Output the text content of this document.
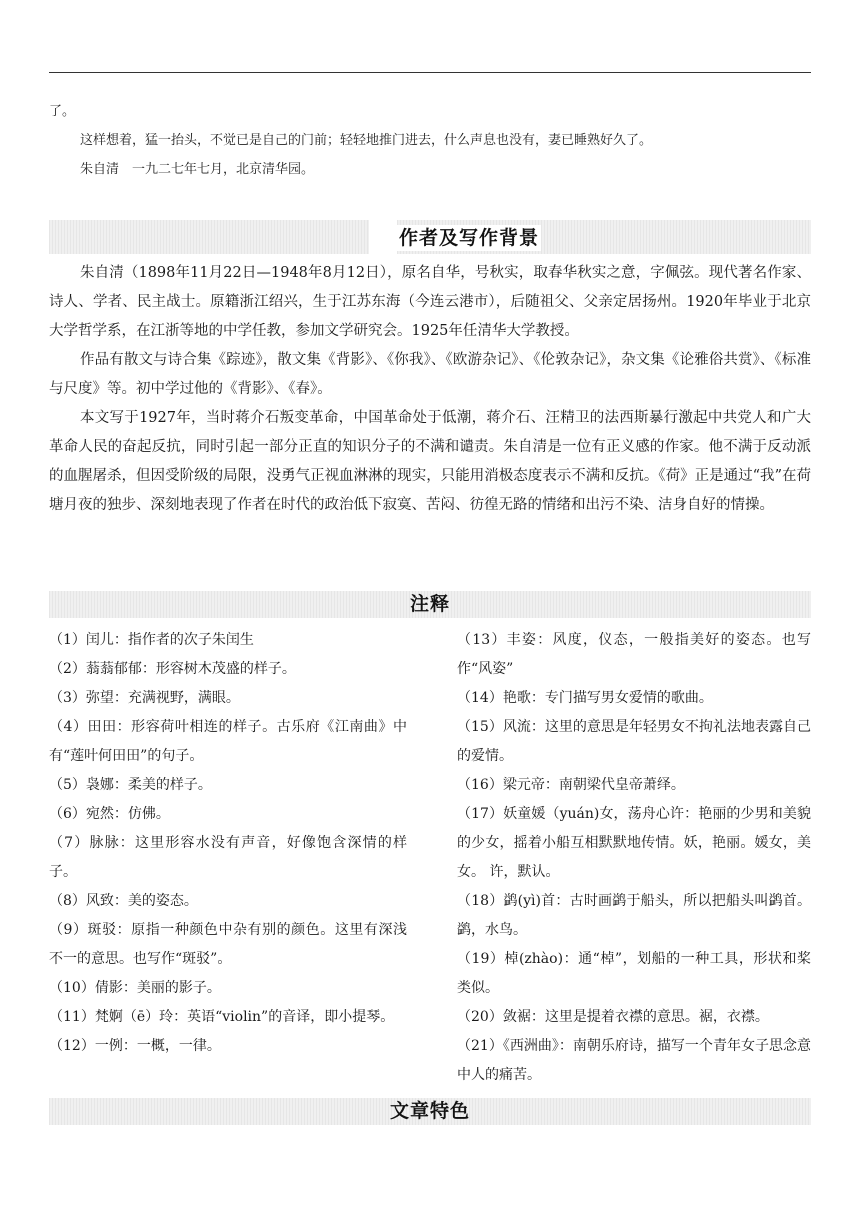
了。

这样想着，猛一抬头，不觉已是自己的门前；轻轻地推门进去，什么声息也没有，妻已睡熟好久了。

朱自清　一九二七年七月，北京清华园。

作者及写作背景

朱自清（1898年11月22日—1948年8月12日），原名自华，号秋实，取春华秋实之意，字佩弦。现代著名作家、诗人、学者、民主战士。原籍浙江绍兴，生于江苏东海（今连云港市），后随祖父、父亲定居扬州。1920年毕业于北京大学哲学系，在江浙等地的中学任教，参加文学研究会。1925年任清华大学教授。

作品有散文与诗合集《踪迹》，散文集《背影》、《你我》、《欧游杂记》、《伦敦杂记》，杂文集《论雅俗共赏》、《标准与尺度》等。初中学过他的《背影》、《春》。

本文写于1927年，当时蒋介石叛变革命，中国革命处于低潮，蒋介石、汪精卫的法西斯暴行激起中共党人和广大革命人民的奋起反抗，同时引起一部分正直的知识分子的不满和谴责。朱自清是一位有正义感的作家。他不满于反动派的血腥屠杀，但因受阶级的局限，没勇气正视血淋淋的现实，只能用消极态度表示不满和反抗。《荷》正是通过“我”在荷塘月夜的独步、深刻地表现了作者在时代的政治低下寂寞、苦闷、彷徨无路的情绪和出污不染、洁身自好的情操。

注释

（1）闰儿：指作者的次子朱闰生

（2）蓊蓊郁郁：形容树木茂盛的样子。

（3）弥望：充满视野，满眼。

（4）田田：形容荷叶相连的样子。古乐府《江南曲》中有“莲叶何田田”的句子。

（5）袅娜：柔美的样子。

（6）宛然：仿佛。

（7）脉脉：这里形容水没有声音，好像饱含深情的样子。

（8）风致：美的姿态。

（9）斑驳：原指一种颜色中杂有别的颜色。这里有深浅不一的意思。也写作“斑驳”。

（10）倩影：美丽的影子。

（11）梵婀（ē）玲：英语“violin”的音译，即小提琴。

（12）一例：一概，一律。

（13）丰姿：风度，仪态，一般指美好的姿态。也写作“风姿”

（14）艳歌：专门描写男女爱情的歌曲。

（15）风流：这里的意思是年轻男女不拘礼法地表露自己的爱情。

（16）梁元帝：南朝梁代皇帝萧绎。

（17）妖童媛（yuán)女，荡舟心许：艳丽的少男和美貌的少女，摇着小船互相默默地传情。妖，艳丽。媛女，美女。 许，默认。

（18）鹢(yì)首：古时画鹢于船头，所以把船头叫鹢首。鹢，水鸟。

（19）棹(zhào)：通“棹”，划船的一种工具，形状和桨类似。

（20）敛裾：这里是提着衣襟的意思。裾，衣襟。

（21）《西洲曲》：南朝乐府诗，描写一个青年女子思念意中人的痛苦。

文章特色
